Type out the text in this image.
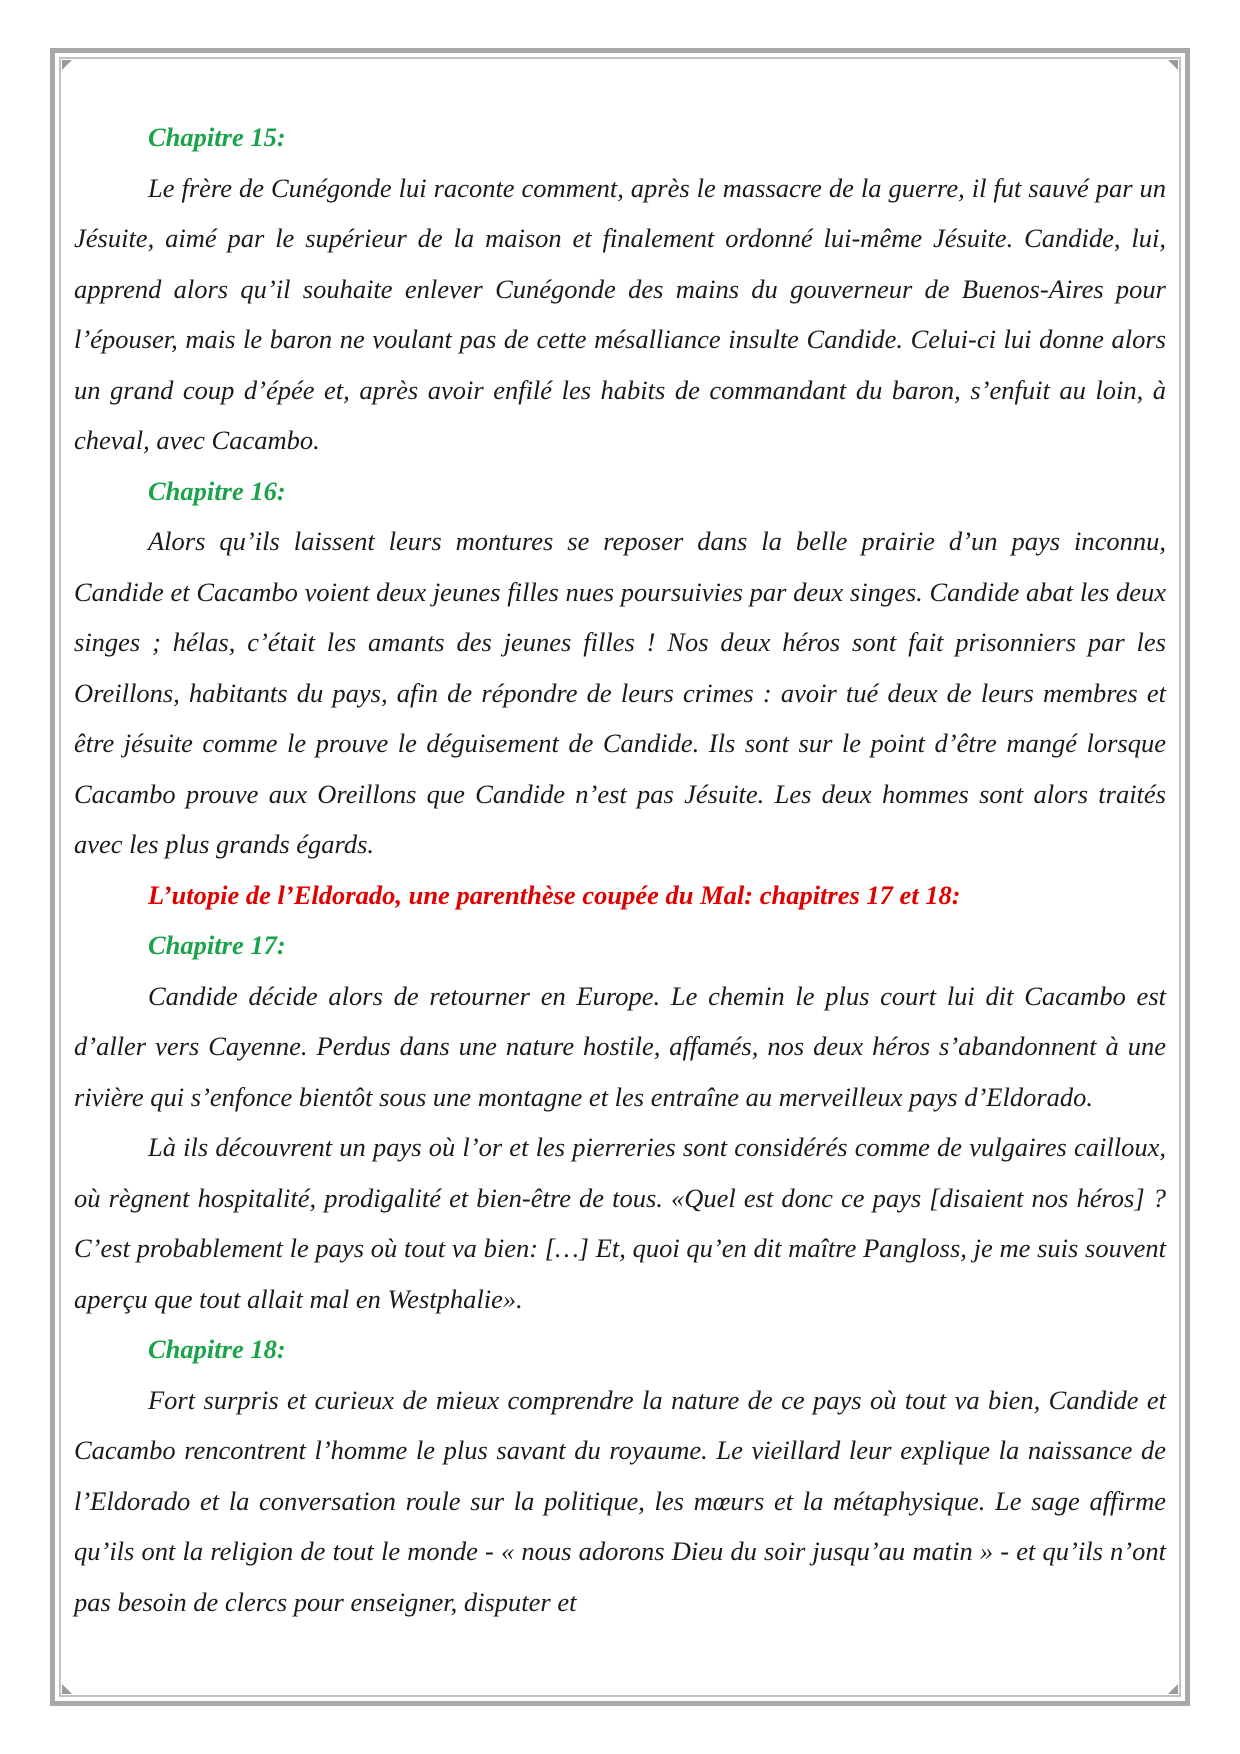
Chapitre 15:

Le frère de Cunégonde lui raconte comment, après le massacre de la guerre, il fut sauvé par un Jésuite, aimé par le supérieur de la maison et finalement ordonné lui-même Jésuite. Candide, lui, apprend alors qu’il souhaite enlever Cunégonde des mains du gouverneur de Buenos-Aires pour l’épouser, mais le baron ne voulant pas de cette mésalliance insulte Candide. Celui-ci lui donne alors un grand coup d’épée et, après avoir enfilé les habits de commandant du baron, s’enfuit au loin, à cheval, avec Cacambo.

Chapitre 16:

Alors qu’ils laissent leurs montures se reposer dans la belle prairie d’un pays inconnu, Candide et Cacambo voient deux jeunes filles nues poursuivies par deux singes. Candide abat les deux singes ; hélas, c’était les amants des jeunes filles ! Nos deux héros sont fait prisonniers par les Oreillons, habitants du pays, afin de répondre de leurs crimes : avoir tué deux de leurs membres et être jésuite comme le prouve le déguisement de Candide. Ils sont sur le point d’être mangé lorsque Cacambo prouve aux Oreillons que Candide n’est pas Jésuite. Les deux hommes sont alors traités avec les plus grands égards.

L’utopie de l’Eldorado, une parenthèse coupée du Mal: chapitres 17 et 18:

Chapitre 17:

Candide décide alors de retourner en Europe. Le chemin le plus court lui dit Cacambo est d’aller vers Cayenne. Perdus dans une nature hostile, affamés, nos deux héros s’abandonnent à une rivière qui s’enfonce bientôt sous une montagne et les entraîne au merveilleux pays d’Eldorado.

Là ils découvrent un pays où l’or et les pierreries sont considérés comme de vulgaires cailloux, où règnent hospitalité, prodigalité et bien-être de tous. «Quel est donc ce pays [disaient nos héros] ? C’est probablement le pays où tout va bien: […] Et, quoi qu’en dit maître Pangloss, je me suis souvent aperçu que tout allait mal en Westphalie».

Chapitre 18:

Fort surpris et curieux de mieux comprendre la nature de ce pays où tout va bien, Candide et Cacambo rencontrent l’homme le plus savant du royaume. Le vieillard leur explique la naissance de l’Eldorado et la conversation roule sur la politique, les mœurs et la métaphysique. Le sage affirme qu’ils ont la religion de tout le monde - « nous adorons Dieu du soir jusqu’au matin » - et qu’ils n’ont pas besoin de clercs pour enseigner, disputer et
